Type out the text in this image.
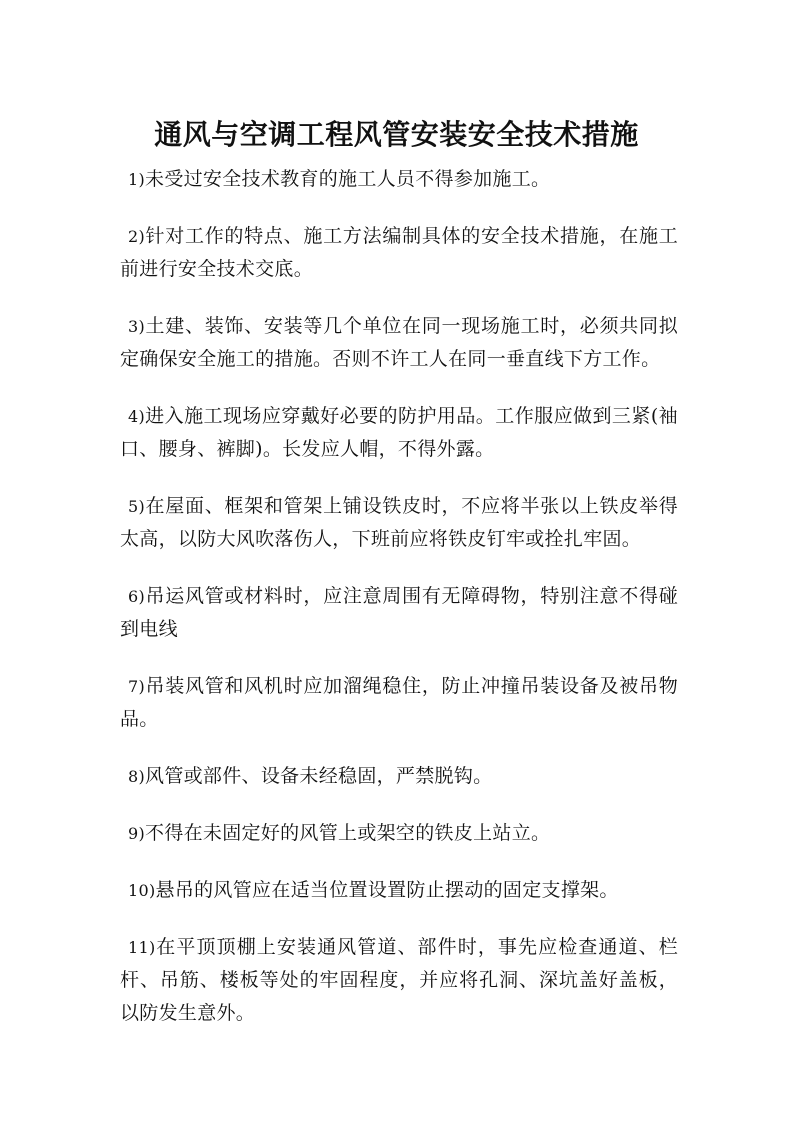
通风与空调工程风管安装安全技术措施
1)未受过安全技术教育的施工人员不得参加施工。
2)针对工作的特点、施工方法编制具体的安全技术措施，在施工前进行安全技术交底。
3)土建、装饰、安装等几个单位在同一现场施工时，必须共同拟定确保安全施工的措施。否则不许工人在同一垂直线下方工作。
4)进入施工现场应穿戴好必要的防护用品。工作服应做到三紧(袖口、腰身、裤脚)。长发应人帽，不得外露。
5)在屋面、框架和管架上铺设铁皮时，不应将半张以上铁皮举得太高，以防大风吹落伤人，下班前应将铁皮钉牢或拴扎牢固。
6)吊运风管或材料时，应注意周围有无障碍物，特别注意不得碰到电线
7)吊装风管和风机时应加溜绳稳住，防止冲撞吊装设备及被吊物品。
8)风管或部件、设备未经稳固，严禁脱钩。
9)不得在未固定好的风管上或架空的铁皮上站立。
10)悬吊的风管应在适当位置设置防止摆动的固定支撑架。
11)在平顶顶棚上安装通风管道、部件时，事先应检查通道、栏杆、吊筋、楼板等处的牢固程度，并应将孔洞、深坑盖好盖板，以防发生意外。
